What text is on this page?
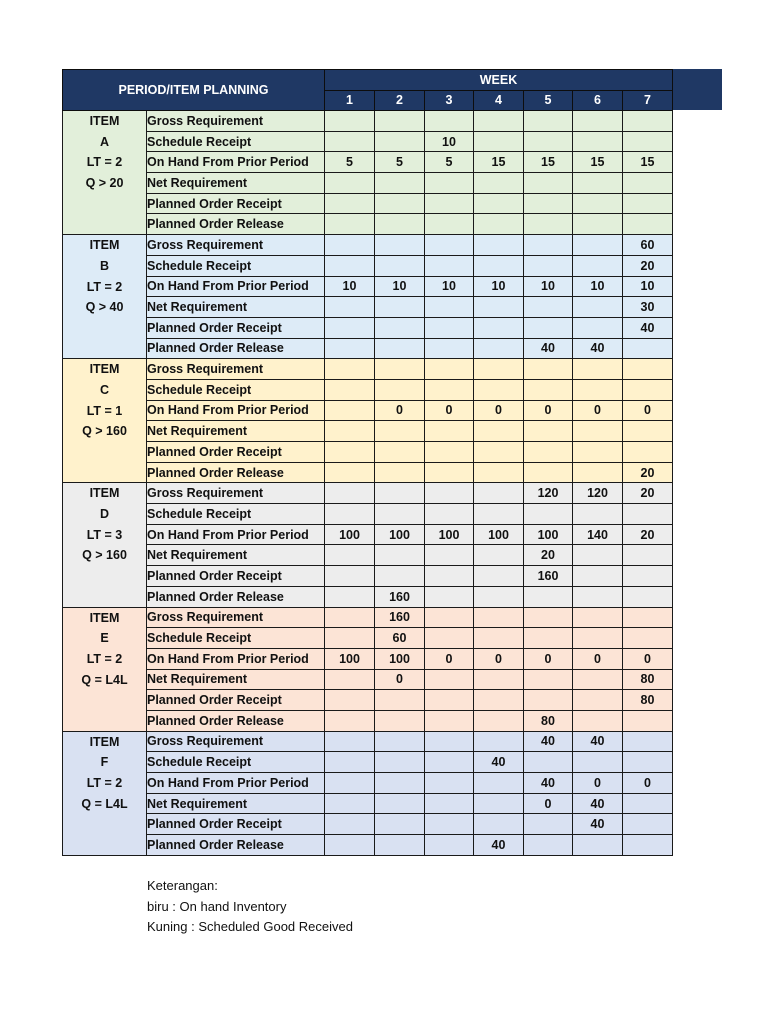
PERIOD/ITEM PLANNING		WEEK						
		1	2	3	4	5	6	7

ITEM
A
LT = 2
Q > 20	Gross Requirement							
	Schedule Receipt			10				
	On Hand From Prior Period	5	5	5	15	15	15	15
	Net Requirement							
	Planned Order Receipt							
	Planned Order Release							

ITEM
B
LT = 2
Q > 40	Gross Requirement							60
	Schedule Receipt							20
	On Hand From Prior Period	10	10	10	10	10	10	10
	Net Requirement							30
	Planned Order Receipt							40
	Planned Order Release					40	40	

ITEM
C
LT = 1
Q > 160	Gross Requirement							
	Schedule Receipt							
	On Hand From Prior Period		0	0	0	0	0	0
	Net Requirement							
	Planned Order Receipt							
	Planned Order Release							20

ITEM
D
LT = 3
Q > 160	Gross Requirement					120	120	20
	Schedule Receipt							
	On Hand From Prior Period	100	100	100	100	100	140	20
	Net Requirement					20		
	Planned Order Receipt					160		
	Planned Order Release		160					

ITEM
E
LT = 2
Q = L4L	Gross Requirement		160					
	Schedule Receipt		60					
	On Hand From Prior Period	100	100	0	0	0	0	0
	Net Requirement		0					80
	Planned Order Receipt							80
	Planned Order Release					80		

ITEM
F
LT = 2
Q = L4L	Gross Requirement					40	40	
	Schedule Receipt				40			
	On Hand From Prior Period					40	0	0
	Net Requirement					0	40	
	Planned Order Receipt						40	
	Planned Order Release				40			
Keterangan:
biru : On hand Inventory
Kuning : Scheduled Good Received
